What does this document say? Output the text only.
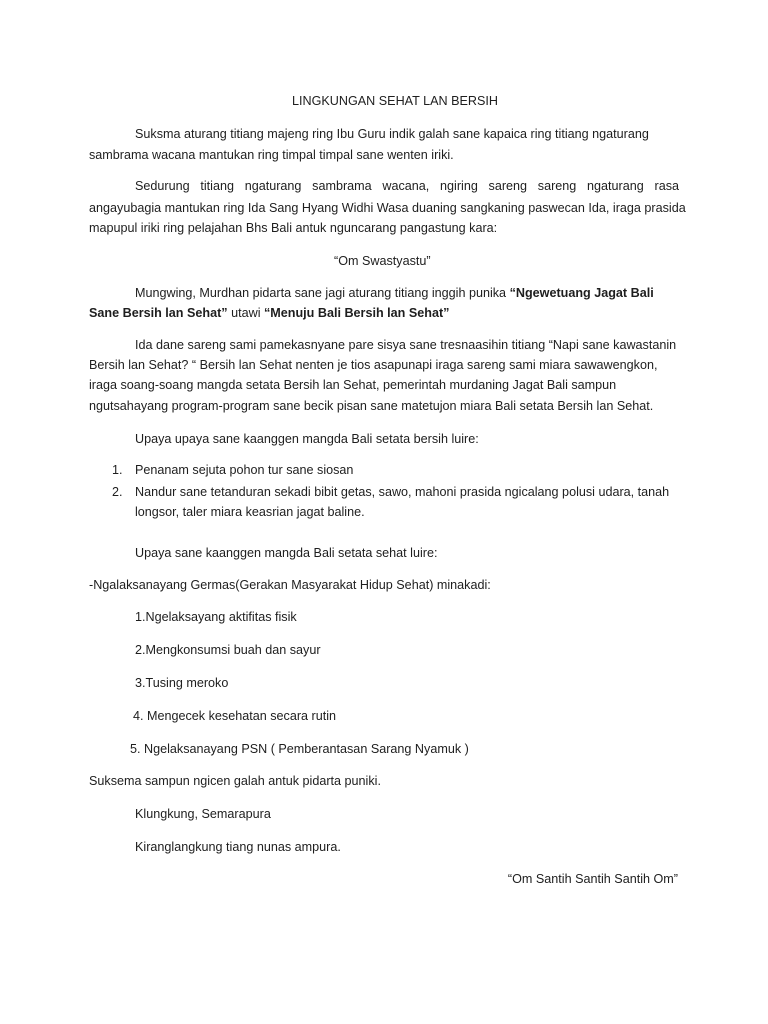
LINGKUNGAN SEHAT LAN BERSIH
Suksma aturang titiang majeng ring Ibu Guru indik galah sane kapaica ring titiang ngaturang
sambrama wacana mantukan ring timpal timpal sane wenten iriki.
Sedurung titiang ngaturang sambrama wacana, ngiring sareng sareng ngaturang rasa
angayubagia mantukan ring Ida Sang Hyang Widhi Wasa duaning sangkaning paswecan Ida, iraga prasida
mapupul iriki ring pelajahan Bhs Bali antuk nguncarang pangastung kara:
“Om Swastyastu”
Mungwing, Murdhan pidarta sane jagi aturang titiang inggih punika “Ngewetuang Jagat Bali
Sane Bersih lan Sehat” utawi “Menuju Bali Bersih lan Sehat”
Ida dane sareng sami pamekasnyane pare sisya sane tresnaasihin titiang “Napi sane kawastanin
Bersih lan Sehat? “ Bersih lan Sehat nenten je tios asapunapi iraga sareng sami miara sawawengkon,
iraga soang-soang mangda setata Bersih lan Sehat, pemerintah murdaning Jagat Bali sampun
ngutsahayang program-program sane becik pisan sane matetujon miara Bali setata Bersih lan Sehat.
Upaya upaya sane kaanggen mangda Bali setata bersih luire:
1. Penanam sejuta pohon tur sane siosan
2. Nandur sane tetanduran sekadi bibit getas, sawo, mahoni prasida ngicalang polusi udara, tanah
longsor, taler miara keasrian jagat baline.
Upaya sane kaanggen mangda Bali setata sehat luire:
-Ngalaksanayang Germas(Gerakan Masyarakat Hidup Sehat) minakadi:
1.Ngelaksayang aktifitas fisik
2.Mengkonsumsi buah dan sayur
3.Tusing meroko
4. Mengecek kesehatan secara rutin
5. Ngelaksanayang PSN ( Pemberantasan Sarang Nyamuk )
Suksema sampun ngicen galah antuk pidarta puniki.
Klungkung, Semarapura
Kiranglangkung tiang nunas ampura.
“Om Santih Santih Santih Om”
